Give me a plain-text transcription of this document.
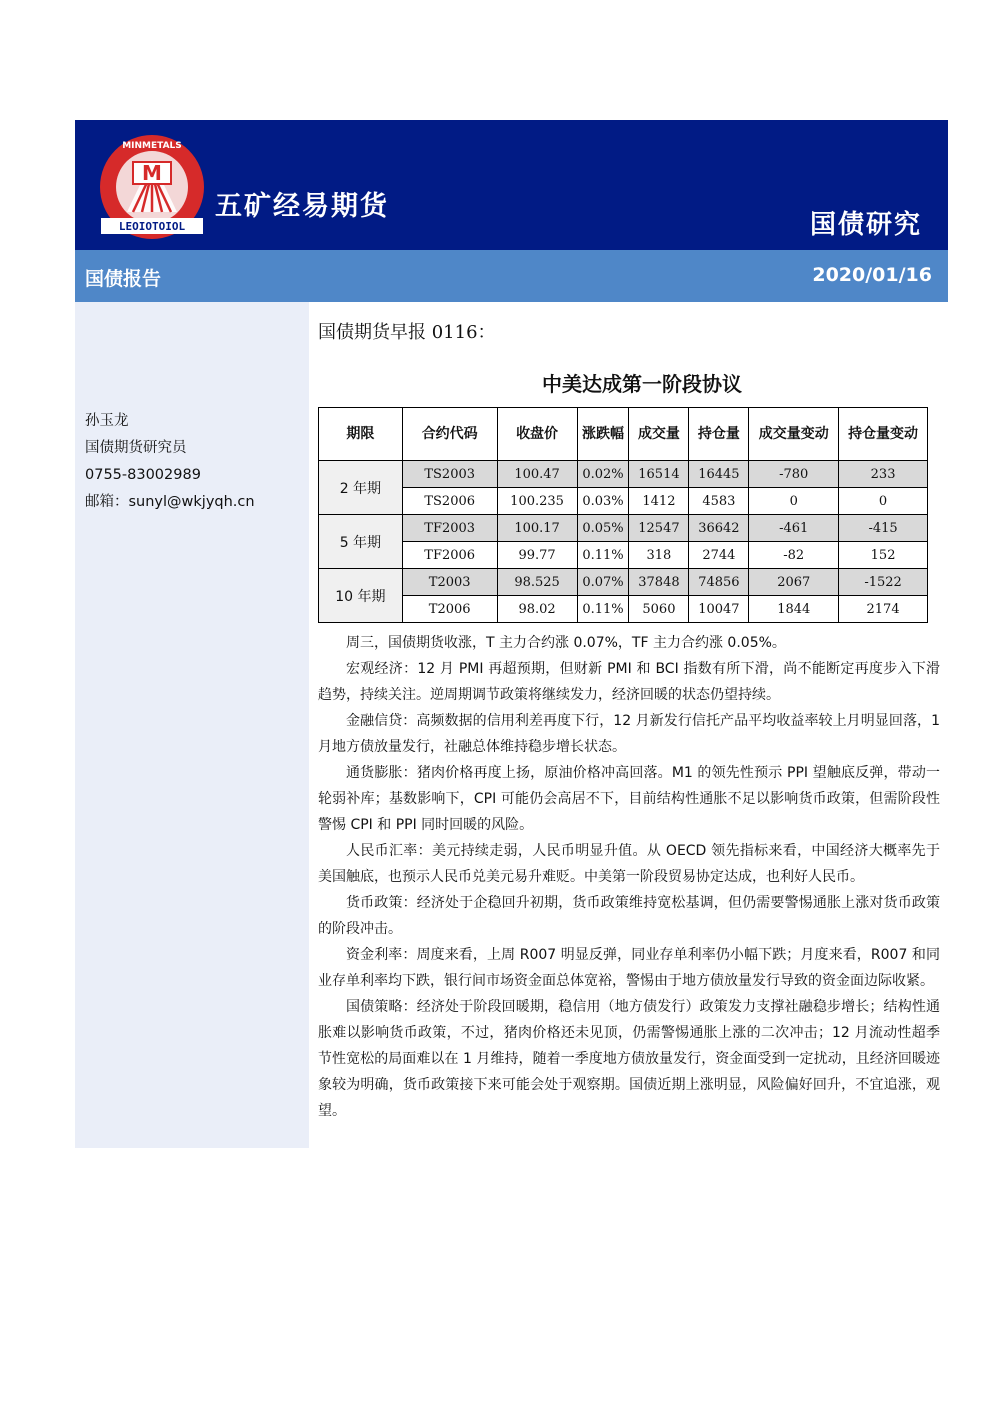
M
MINMETALS
LEOIOTOIOL
五矿经易期货
国债研究
国债报告	2020/01/16
孙玉龙
国债期货研究员
0755-83002989
邮箱：sunyl@wkjyqh.cn
国债期货早报 0116：
中美达成第一阶段协议
期限	合约代码	收盘价	涨跌幅	成交量	持仓量	成交量变动	持仓量变动
2 年期	TS2003	100.47	0.02%	16514	16445	-780	233
	TS2006	100.235	0.03%	1412	4583	0	0
5 年期	TF2003	100.17	0.05%	12547	36642	-461	-415
	TF2006	99.77	0.11%	318	2744	-82	152
10 年期	T2003	98.525	0.07%	37848	74856	2067	-1522
	T2006	98.02	0.11%	5060	10047	1844	2174

周三，国债期货收涨，T 主力合约涨 0.07%，TF 主力合约涨 0.05%。

宏观经济：12 月 PMI 再超预期，但财新 PMI 和 BCI 指数有所下滑，尚不能断定再度步入下滑趋势，持续关注。逆周期调节政策将继续发力，经济回暖的状态仍望持续。

金融信贷：高频数据的信用利差再度下行，12 月新发行信托产品平均收益率较上月明显回落，1 月地方债放量发行，社融总体维持稳步增长状态。

通货膨胀：猪肉价格再度上扬，原油价格冲高回落。M1 的领先性预示 PPI 望触底反弹，带动一轮弱补库；基数影响下，CPI 可能仍会高居不下，目前结构性通胀不足以影响货币政策，但需阶段性警惕 CPI 和 PPI 同时回暖的风险。

人民币汇率：美元持续走弱，人民币明显升值。从 OECD 领先指标来看，中国经济大概率先于美国触底，也预示人民币兑美元易升难贬。中美第一阶段贸易协定达成，也利好人民币。

货币政策：经济处于企稳回升初期，货币政策维持宽松基调，但仍需要警惕通胀上涨对货币政策的阶段冲击。

资金利率：周度来看，上周 R007 明显反弹，同业存单利率仍小幅下跌；月度来看，R007 和同业存单利率均下跌，银行间市场资金面总体宽裕，警惕由于地方债放量发行导致的资金面边际收紧。

国债策略：经济处于阶段回暖期，稳信用（地方债发行）政策发力支撑社融稳步增长；结构性通胀难以影响货币政策，不过，猪肉价格还未见顶，仍需警惕通胀上涨的二次冲击；12 月流动性超季节性宽松的局面难以在 1 月维持，随着一季度地方债放量发行，资金面受到一定扰动，且经济回暖迹象较为明确，货币政策接下来可能会处于观察期。国债近期上涨明显，风险偏好回升，不宜追涨，观望。
